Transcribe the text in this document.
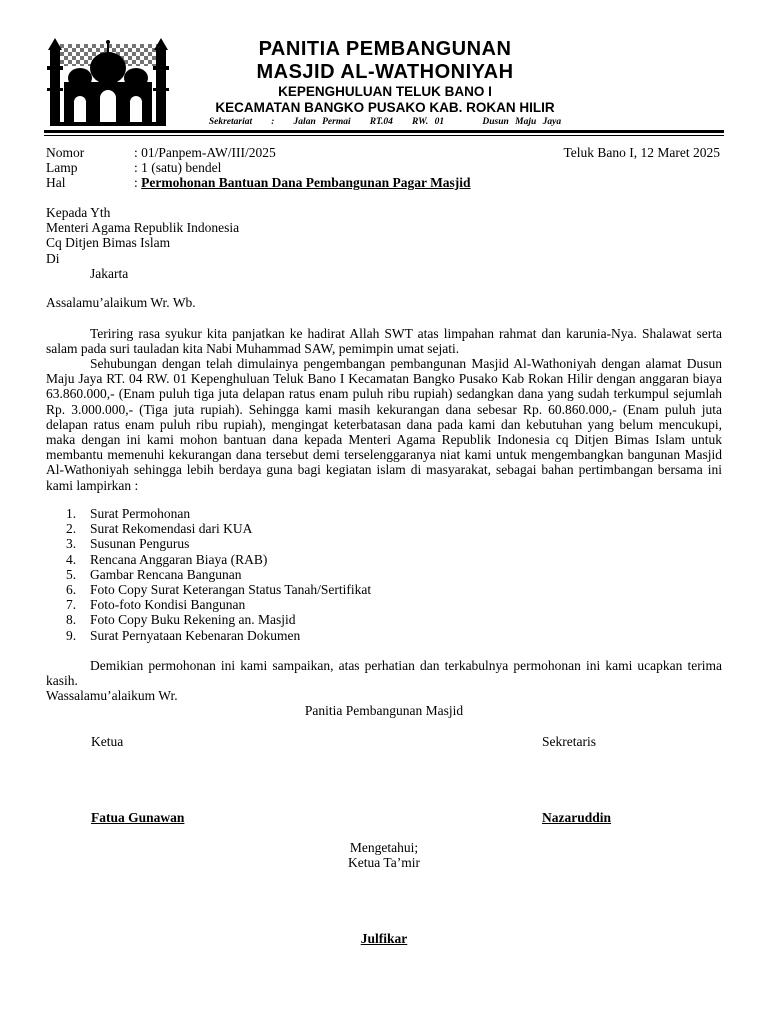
PANITIA PEMBANGUNAN
MASJID AL-WATHONIYAH
KEPENGHULUAN TELUK BANO I
KECAMATAN BANGKO PUSAKO KAB. ROKAN HILIR
Sekretariat   :   Jalan Permai   RT.04   RW. 01      Dusun Maju Jaya
Nomor	: 01/Panpem-AW/III/2025	Teluk Bano I, 12 Maret 2025
Lamp	: 1 (satu) bendel
Hal	: Permohonan Bantuan Dana Pembangunan Pagar Masjid
Kepada Yth
Menteri Agama Republik Indonesia
Cq Ditjen Bimas Islam
Di
Jakarta
Assalamu’alaikum Wr. Wb.
Teriring rasa syukur kita panjatkan ke hadirat Allah SWT atas limpahan rahmat dan karunia-Nya. Shalawat serta salam pada suri tauladan kita Nabi Muhammad SAW, pemimpin umat sejati.
Sehubungan dengan telah dimulainya pengembangan pembangunan Masjid Al-Wathoniyah dengan alamat Dusun Maju Jaya RT. 04 RW. 01 Kepenghuluan Teluk Bano I Kecamatan Bangko Pusako Kab Rokan Hilir dengan anggaran biaya 63.860.000,- (Enam puluh tiga juta delapan ratus enam puluh ribu rupiah) sedangkan dana yang sudah terkumpul sejumlah Rp. 3.000.000,- (Tiga juta rupiah). Sehingga kami masih kekurangan dana sebesar Rp. 60.860.000,- (Enam puluh juta delapan ratus enam puluh ribu rupiah), mengingat keterbatasan dana pada kami dan kebutuhan yang belum mencukupi, maka dengan ini kami mohon bantuan dana kepada Menteri Agama Republik Indonesia cq Ditjen Bimas Islam untuk membantu memenuhi kekurangan dana tersebut demi terselenggaranya niat kami untuk mengembangkan bangunan Masjid Al-Wathoniyah sehingga lebih berdaya guna bagi kegiatan islam di masyarakat, sebagai bahan pertimbangan bersama ini kami lampirkan :
1. Surat Permohonan
2. Surat Rekomendasi dari KUA
3. Susunan Pengurus
4. Rencana Anggaran Biaya (RAB)
5. Gambar Rencana Bangunan
6. Foto Copy Surat Keterangan Status Tanah/Sertifikat
7. Foto-foto Kondisi Bangunan
8. Foto Copy Buku Rekening an. Masjid
9. Surat Pernyataan Kebenaran Dokumen
Demikian permohonan ini kami sampaikan, atas perhatian dan terkabulnya permohonan ini kami ucapkan terima kasih.
Wassalamu’alaikum Wr.
Panitia Pembangunan Masjid
Ketua	Sekretaris
Fatua Gunawan	Nazaruddin
Mengetahui;
Ketua Ta’mir
Julfikar
